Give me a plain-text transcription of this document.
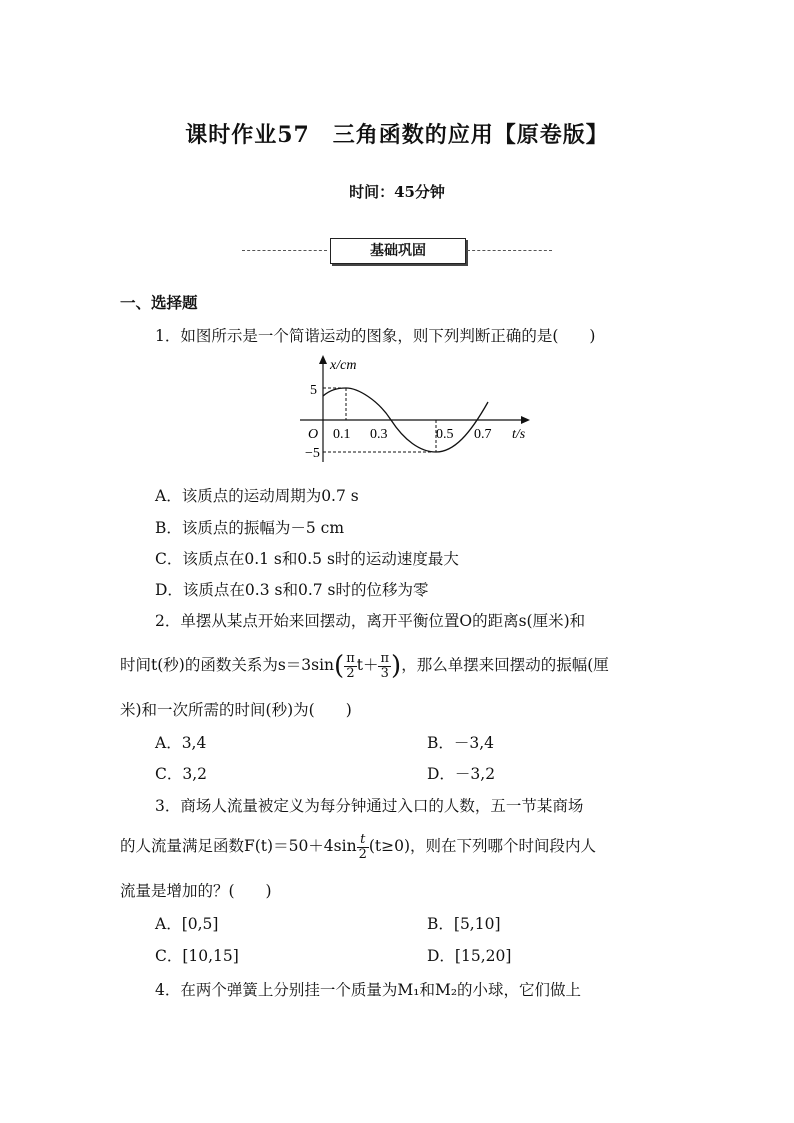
课时作业57　三角函数的应用【原卷版】
时间：45分钟
基础巩固
一、选择题
1．如图所示是一个简谐运动的图象，则下列判断正确的是(　　)
x/cm
t/s
O
5
−5
0.1 0.3	0.5 0.7
A．该质点的运动周期为0.7 s
B．该质点的振幅为－5 cm
C．该质点在0.1 s和0.5 s时的运动速度最大
D．该质点在0.3 s和0.7 s时的位移为零
2．单摆从某点开始来回摆动，离开平衡位置O的距离s(厘米)和
时间t(秒)的函数关系为$s=3\sin( \frac{\pi}{2} t+ \frac{\pi}{3}$ )，那么单摆来回摆动的振幅(厘
米)和一次所需的时间(秒)为(　　)
A．3,4	B．－3,4
C．3,2	D．－3,2
3．商场人流量被定义为每分钟通过入口的人数，五一节某商场
的人流量满足函数$F(t)=50+4\sin \frac{t}{2} (t\ge 0)$，则在下列哪个时间段内人
流量是增加的？(　　)
A．[0,5]	B．[5,10]
C．[10,15]	D．[15,20]
4．在两个弹簧上分别挂一个质量为M₁和M₂的小球，它们做上
